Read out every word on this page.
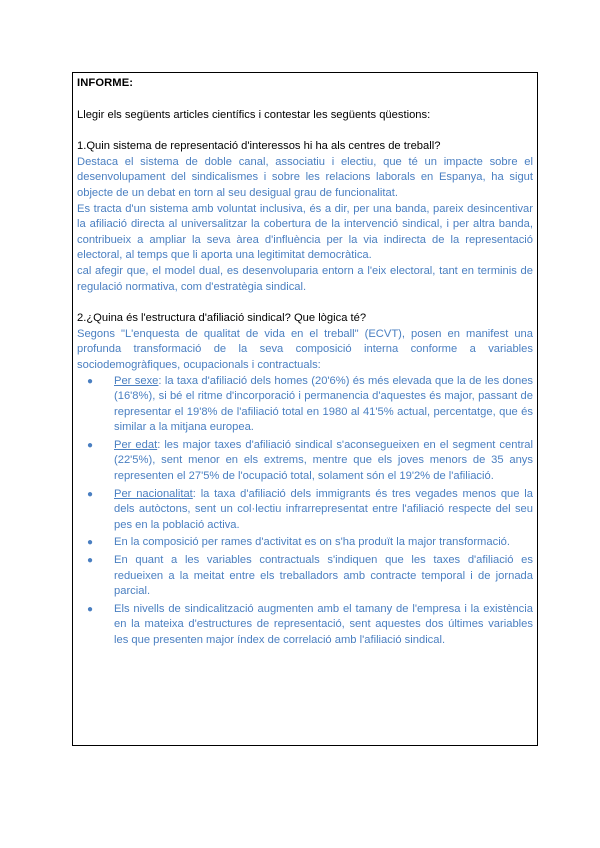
INFORME:

Llegir els següents articles científics i contestar les següents qüestions:

1.Quin sistema de representació d'interessos hi ha als centres de treball?

Destaca el sistema de doble canal, associatiu i electiu, que té un impacte sobre el desenvolupament del sindicalismes i sobre les relacions laborals en Espanya, ha sigut objecte de un debat en torn al seu desigual grau de funcionalitat.

Es tracta d'un sistema amb voluntat inclusiva, és a dir, per una banda, pareix desincentivar la afiliació directa al universalitzar la cobertura de la intervenció sindical, i per altra banda, contribueix a ampliar la seva àrea d'influència per la via indirecta de la representació electoral, al temps que li aporta una legitimitat democràtica.

cal afegir que, el model dual, es desenvoluparia entorn a l'eix electoral, tant en terminis de regulació normativa, com d'estratègia sindical.

2.¿Quina és l'estructura d'afiliació sindical? Que lògica té?

Segons "L'enquesta de qualitat de vida en el treball" (ECVT), posen en manifest una profunda transformació de la seva composició interna conforme a variables sociodemogràfiques, ocupacionals i contractuals:

● Per sexe: la taxa d'afiliació dels homes (20'6%) és més elevada que la de les dones (16'8%), si bé el ritme d'incorporació i permanencia d'aquestes és major, passant de representar el 19'8% de l'afiliació total en 1980 al 41'5% actual, percentatge, que és similar a la mitjana europea.
● Per edat: les major taxes d'afiliació sindical s'aconsegueixen en el segment central (22'5%), sent menor en els extrems, mentre que els joves menors de 35 anys representen el 27'5% de l'ocupació total, solament són el 19'2% de l'afiliació.
● Per nacionalitat: la taxa d'afiliació dels immigrants és tres vegades menos que la dels autòctons, sent un col·lectiu infrarrepresentat entre l'afiliació respecte del seu pes en la població activa.
● En la composició per rames d'activitat es on s'ha produït la major transformació.
● En quant a les variables contractuals s'indiquen que les taxes d'afiliació es redueixen a la meitat entre els treballadors amb contracte temporal i de jornada parcial.
● Els nivells de sindicalització augmenten amb el tamany de l'empresa i la existència en la mateixa d'estructures de representació, sent aquestes dos últimes variables les que presenten major índex de correlació amb l'afiliació sindical.
